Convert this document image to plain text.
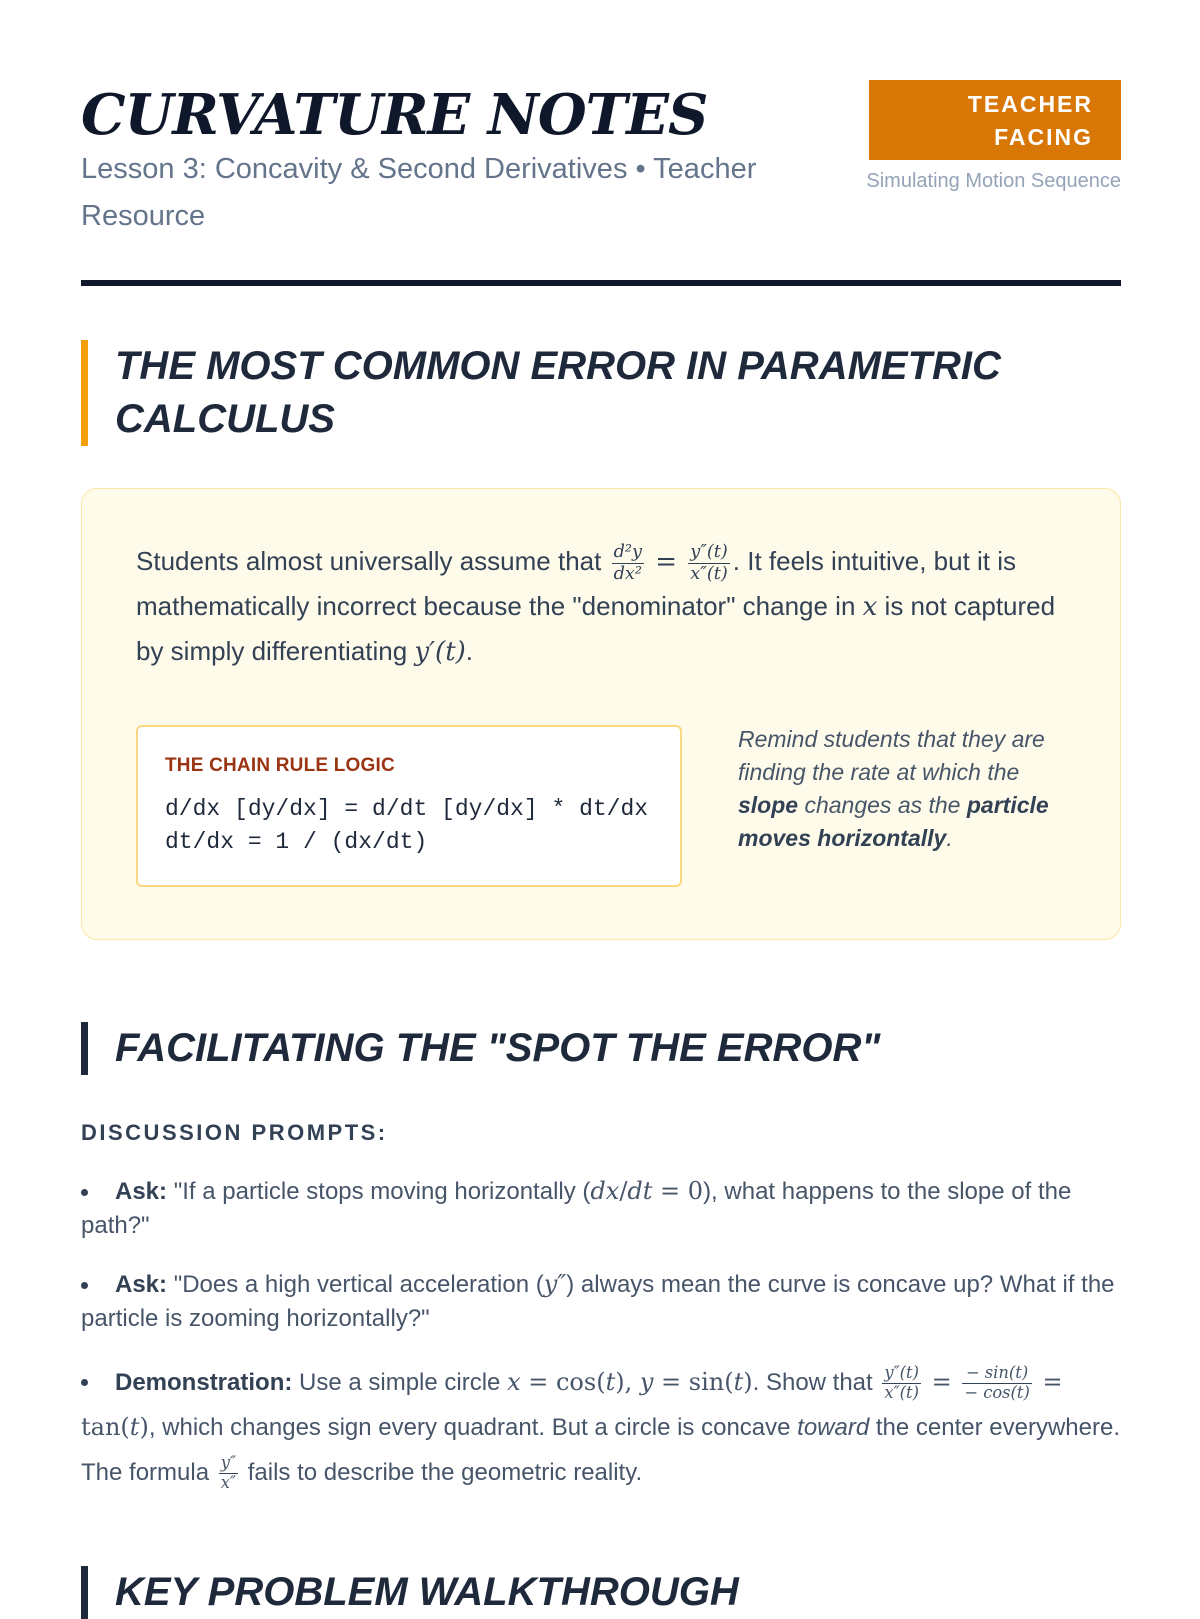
CURVATURE NOTES

Lesson 3: Concavity & Second Derivatives • Teacher Resource

TEACHER FACING
Simulating Motion Sequence
THE MOST COMMON ERROR IN PARAMETRIC CALCULUS

Students almost universally assume that $\frac{\text{d²y}}{\text{dx²}} = \frac{y''(t)}{x''(t)}$ . It feels intuitive, but it is mathematically incorrect because the "denominator" change in x is not captured by simply differentiating y′(t).

THE CHAIN RULE LOGIC
d/dx [dy/dx] = d/dt [dy/dx] * dt/dx
dt/dx = 1 / (dx/dt)

Remind students that they are finding the rate at which the slope changes as the particle moves horizontally.

FACILITATING THE "SPOT THE ERROR"
DISCUSSION PROMPTS:
Ask: "If a particle stops moving horizontally (dx/dt = 0), what happens to the slope of the path?"
Ask: "Does a high vertical acceleration (y″) always mean the curve is concave up? What if the particle is zooming horizontally?"
Demonstration: Use a simple circle x = cos(t), y = sin(t). Show that $\frac{y''(t)}{x''(t)} = \frac{- \sin(t)}{- \cos(t)} = \tan(t)$, which changes sign every quadrant. But a circle is concave toward the center everywhere. The formula $\frac{y''}{x''}$ fails to describe the geometric reality.
KEY PROBLEM WALKTHROUGH
